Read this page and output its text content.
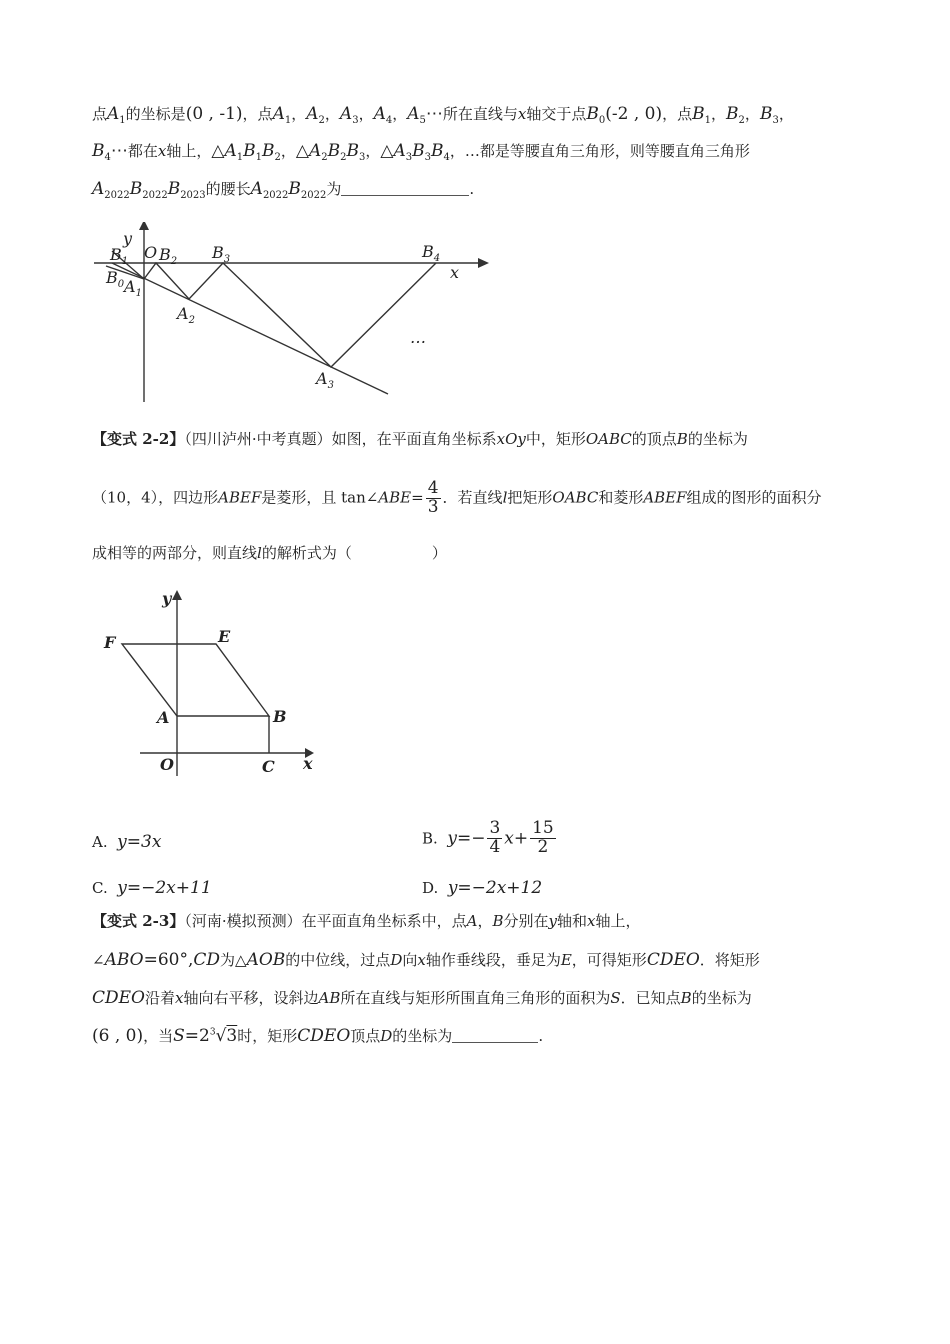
点$A_1$的坐标是(0 , -1)，点$A_1$，$A_2$，$A_3$，$A_4$，$A_5\cdots$所在直线与x轴交于点$B_0(-2$ , 0)，点$B_1$，$B_2$，$B_3$，
$B_4\cdots$都在x轴上，$\triangle A_1B_1B_2$，$\triangle A_2B_2B_3$，$\triangle A_3B_3B_4$，…都是等腰直角三角形，则等腰直角三角形
$A_{2022}B_{2022}B_{2023}$的腰长$A_{2022}B_{2022}$为	.
y
x
O
$B_1$ $B_2$ $B_3$	$B_4$
$B_0$ $A_1$
$A_2$
$A_3$
…
【变式 2-2】（四川泸州·中考真题）如图，在平面直角坐标系xOy中，矩形OABC的顶点B的坐标为
（10，4），四边形ABEF是菱形，且 tan∠ABE= $\frac{4}{3}$ ．若直线l把矩形OABC和菱形ABEF组成的图形的面积分
成相等的两部分，则直线l的解析式为（	）
y
x
O
A	B
C
E
F
A. y=3x	B. $y=- \frac{3}{4} x+ \frac{15}{2}$
C. y=−2x+11	D. y=−2x+12
【变式 2-3】（河南·模拟预测）在平面直角坐标系中，点A，B分别在y轴和x轴上，
∠ABO=60°,CD为△AOB的中位线，过点D向x轴作垂线段，垂足为E，可得矩形CDEO．将矩形
CDEO沿着x轴向右平移，设斜边AB所在直线与矩形所围直角三角形的面积为S．已知点B的坐标为
(6 , 0)，当$S=2^3√3$时，矩形CDEO顶点D的坐标为	.
